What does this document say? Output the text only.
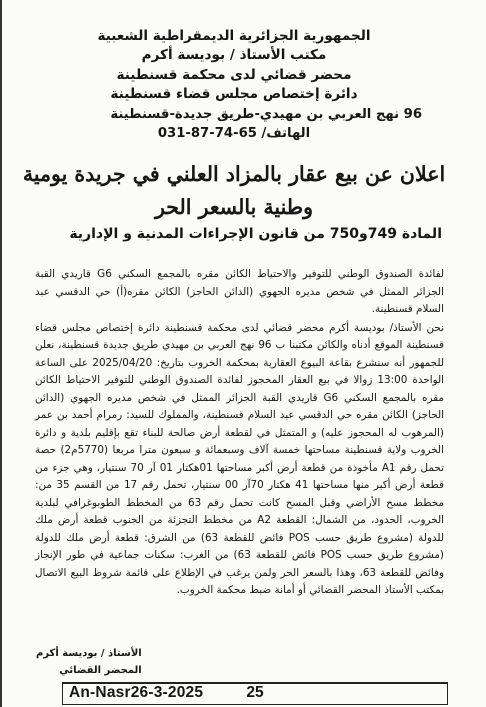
الجمهورية الجزائرية الديمقراطية الشعبية
مكتب الأستاذ / بوديسة أكرم
محضر قضائي لدى محكمة قسنطينة
دائرة إختصاص مجلس قضاء قسنطينة
96 نهج العربي بن مهيدي-طريق جديدة-قسنطينة
الهاتف/ 65-74-87-031
اعلان عن بيع عقار بالمزاد العلني في جريدة يومية
وطنية بالسعر الحر
المادة 749و750 من قانون الإجراءات المدنية و الإدارية

لفائدة الصندوق الوطني للتوفير والاحتياط الكائن مقره بالمجمع السكني G6 قاريدي القبة الجزائر الممثل في شخص مديره الجهوي (الدائن الحاجز) الكائن مقره(أ) حي الدقسي عبد السلام قسنطينة.

نحن الأستاذ/ بوديسة أكرم محضر قضائي لدى محكمة قسنطينة دائرة إختصاص مجلس قضاء قسنطينة الموقع أدناه والكائن مكتبنا ب 96 نهج العربي بن مهيدي طريق جديدة قسنطينة، نعلن للجمهور أنه سنشرع بقاعة البيوع العقارية بمحكمة الخروب بتاريخ: 2025/04/20 على الساعة الواحدة 13:00 زوالا في بيع العقار المحجوز لفائدة الصندوق الوطني للتوفير الاحتياط الكائن مقره بالمجمع السكني G6 قاريدي القبة الجزائر الممثل في شخص مديره الجهوي (الدائن الحاجز) الكائن مقره حي الدقسي عبد السلام قسنطينة، والمملوك للسيد: رمرام أحمد بن عمر (المرهوب له المحجوز عليه) و المتمثل في لقطعة أرض صالحة للبناء تقع بإقليم بلدية و دائرة الخروب ولاية قسنطينة مساحتها خمسة آلاف وسبعمائة و سبعون مترا مربعا (5770م2) حصة تحمل رقم A1 مأخوذة من قطعة أرض أكبر مساحتها 01هكتار 01 آر 70 سنتيار، وهي جزء من قطعة أرض أكبر منها مساحتها 41 هكتار 70آر 00 سنتيار، تحمل رقم 17 من القسم 35 من: مخطط مسح الأراضي وقبل المسح كانت تحمل رقم 63 من المخطط الطوبوغرافي لبلدية الخروب، الحدود، من الشمال: القطعة A2 من مخطط التجزئة من الجنوب قطعة أرض ملك للدولة (مشروع طريق حسب POS فائض للقطعة 63) من الشرق: قطعة أرض ملك للدولة (مشروع طريق حسب POS فائض للقطعة 63) من الغرب: سكنات جماعية في طور الإنجاز وفائض للقطعة 63، وهذا بالسعر الحر ولمن يرغب في الإطلاع على قائمة شروط البيع الاتصال بمكتب الأستاذ المحضر القضائي أو أمانة ضبط محكمة الخروب.

الأستاذ / بوديسة أكرم
المحضر القضائي
An-Nasr26-3-2025	25
